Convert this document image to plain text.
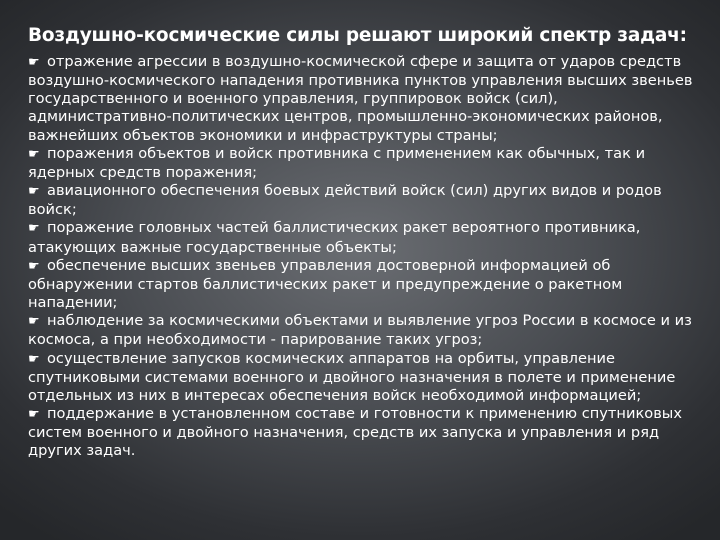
Воздушно-космические силы решают широкий спектр задач:
☛ отражение агрессии в воздушно-космической сфере и защита от ударов средств воздушно-космического нападения противника пунктов управления высших звеньев государственного и военного управления, группировок войск (сил), административно-политических центров, промышленно-экономических районов, важнейших объектов экономики и инфраструктуры страны;
☛ поражения объектов и войск противника с применением как обычных, так и ядерных средств поражения;
☛ авиационного обеспечения боевых действий войск (сил) других видов и родов войск;
☛ поражение головных частей баллистических ракет вероятного противника, атакующих важные государственные объекты;
☛ обеспечение высших звеньев управления достоверной информацией об обнаружении стартов баллистических ракет и предупреждение о ракетном нападении;
☛ наблюдение за космическими объектами и выявление угроз России в космосе и из космоса, а при необходимости - парирование таких угроз;
☛ осуществление запусков космических аппаратов на орбиты, управление спутниковыми системами военного и двойного назначения в полете и применение отдельных из них в интересах обеспечения войск необходимой информацией;
☛ поддержание в установленном составе и готовности к применению спутниковых систем военного и двойного назначения, средств их запуска и управления и ряд других задач.
